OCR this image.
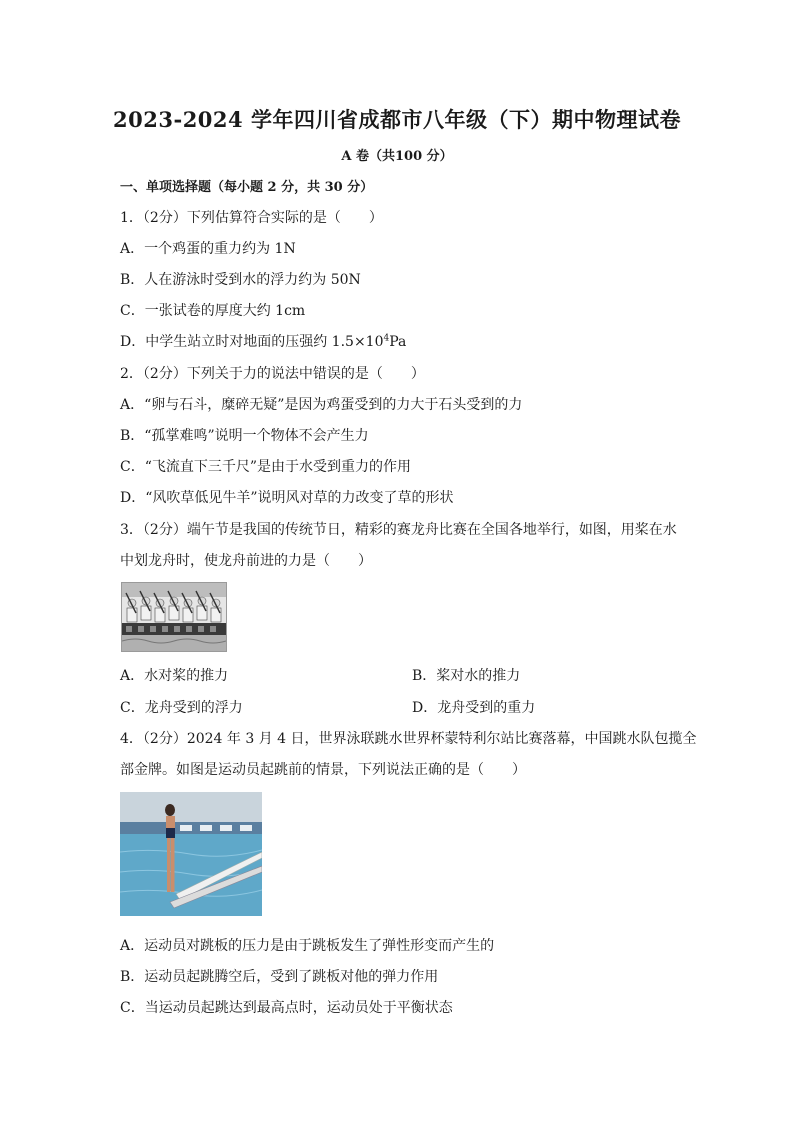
2023-2024 学年四川省成都市八年级（下）期中物理试卷
A 卷（共100 分）
一、单项选择题（每小题 2 分，共 30 分）
1．（2分）下列估算符合实际的是（　　）
A．一个鸡蛋的重力约为 1N
B．人在游泳时受到水的浮力约为 50N
C．一张试卷的厚度大约 1cm
D．中学生站立时对地面的压强约 $1.5\times 10^4Pa$
2．（2分）下列关于力的说法中错误的是（　　）
A．“卵与石斗，糜碎无疑”是因为鸡蛋受到的力大于石头受到的力
B．“孤掌难鸣”说明一个物体不会产生力
C．“飞流直下三千尺”是由于水受到重力的作用
D．“风吹草低见牛羊”说明风对草的力改变了草的形状
3．（2分）端午节是我国的传统节日，精彩的赛龙舟比赛在全国各地举行，如图，用桨在水
中划龙舟时，使龙舟前进的力是（　　）
A．水对桨的推力	B．桨对水的推力
C．龙舟受到的浮力	D．龙舟受到的重力
4．（2分）2024 年 3 月 4 日，世界泳联跳水世界杯蒙特利尔站比赛落幕，中国跳水队包揽全
部金牌。如图是运动员起跳前的情景，下列说法正确的是（　　）
A．运动员对跳板的压力是由于跳板发生了弹性形变而产生的
B．运动员起跳腾空后，受到了跳板对他的弹力作用
C．当运动员起跳达到最高点时，运动员处于平衡状态
